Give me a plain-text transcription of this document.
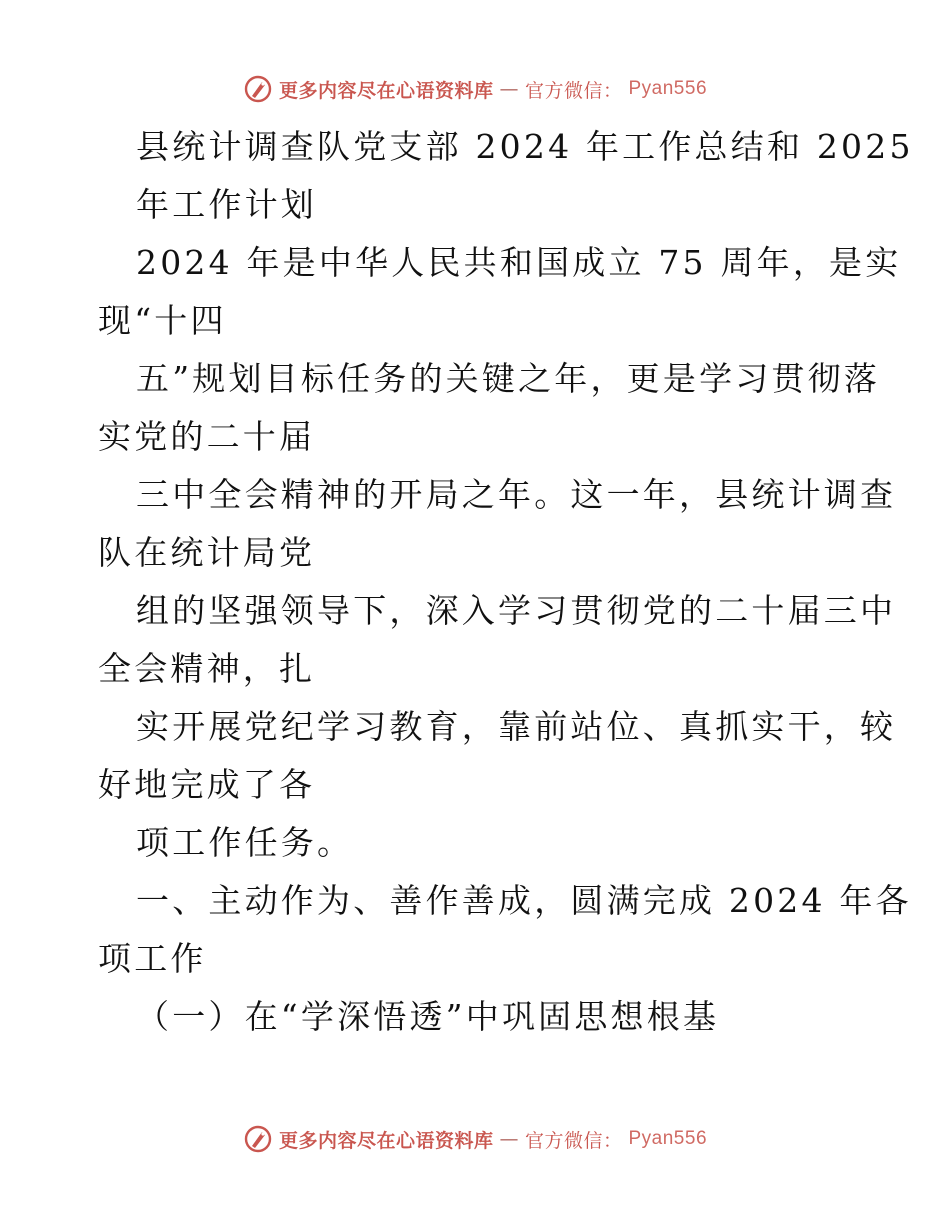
更多内容尽在心语资料库 — 官方微信： Pyan556
县统计调查队党支部 2024 年工作总结和 2025
年工作计划
2024 年是中华人民共和国成立 75 周年，是实
现“十四
五”规划目标任务的关键之年，更是学习贯彻落
实党的二十届
三中全会精神的开局之年。这一年，县统计调查
队在统计局党
组的坚强领导下，深入学习贯彻党的二十届三中
全会精神，扎
实开展党纪学习教育，靠前站位、真抓实干，较
好地完成了各
项工作任务。
一、主动作为、善作善成，圆满完成 2024 年各
项工作
（一）在“学深悟透”中巩固思想根基
更多内容尽在心语资料库 — 官方微信： Pyan556
